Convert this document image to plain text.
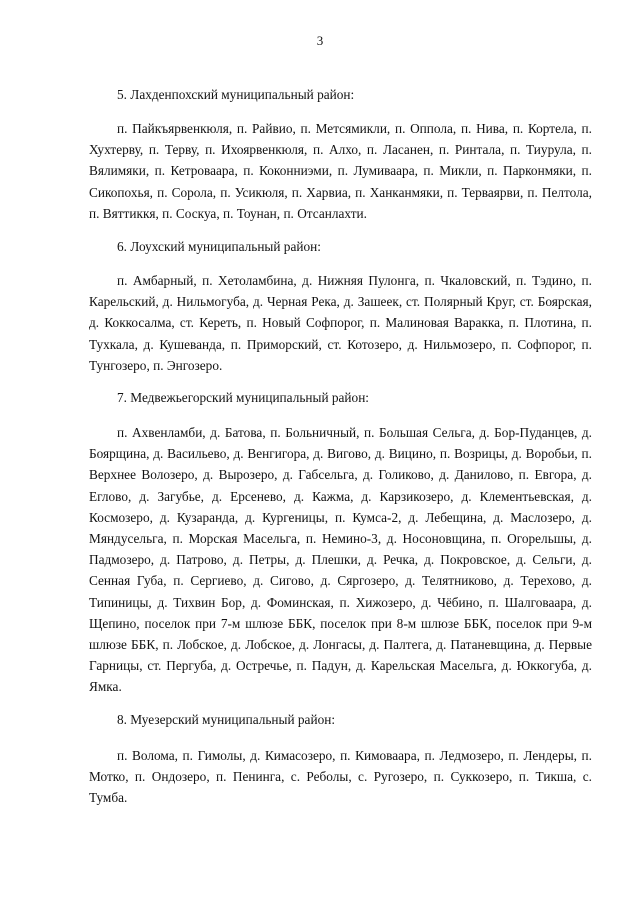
3

5. Лахденпохский муниципальный район:

п. Пайкъярвенкюля, п. Райвио, п. Метсямикли, п. Оппола, п. Нива, п. Кортела, п. Хухтерву, п. Терву, п. Ихоярвенкюля, п. Алхо, п. Ласанен, п. Ринтала, п. Тиурула, п. Вялимяки, п. Кетроваара, п. Коконниэми, п. Лумиваара, п. Микли, п. Парконмяки, п. Сикопохья, п. Сорола, п. Усикюля, п. Харвиа, п. Ханканмяки, п. Терваярви, п. Пелтола, п. Вяттиккя, п. Соскуа, п. Тоунан, п. Отсанлахти.

6. Лоухский муниципальный район:

п. Амбарный, п. Хетоламбина, д. Нижняя Пулонга, п. Чкаловский, п. Тэдино, п. Карельский, д. Нильмогуба, д. Черная Река, д. Зашеек, ст. Полярный Круг, ст. Боярская, д. Коккосалма, ст. Кереть, п. Новый Софпорог, п. Малиновая Варакка, п. Плотина, п. Тухкала, д. Кушеванда, п. Приморский, ст. Котозеро, д. Нильмозеро, п. Софпорог, п. Тунгозеро, п. Энгозеро.

7. Медвежьегорский муниципальный район:

п. Ахвенламби, д. Батова, п. Больничный, п. Большая Сельга, д. Бор-Пуданцев, д. Боярщина, д. Васильево, д. Венгигора, д. Вигово, д. Вицино, п. Возрицы, д. Воробьи, п. Верхнее Волозеро, д. Вырозеро, д. Габсельга, д. Голиково, д. Данилово, п. Евгора, д. Еглово, д. Загубье, д. Ерсенево, д. Кажма, д. Карзикозеро, д. Клементьевская, д. Космозеро, д. Кузаранда, д. Кургеницы, п. Кумса-2, д. Лебещина, д. Маслозеро, д. Мяндусельга, п. Морская Масельга, п. Немино-3, д. Носоновщина, п. Огорельшы, д. Падмозеро, д. Патрово, д. Петры, д. Плешки, д. Речка, д. Покровское, д. Сельги, д. Сенная Губа, п. Сергиево, д. Сигово, д. Сяргозеро, д. Телятниково, д. Терехово, д. Типиницы, д. Тихвин Бор, д. Фоминская, п. Хижозеро, д. Чёбино, п. Шалговаара, д. Щепино, поселок при 7-м шлюзе ББК, поселок при 8-м шлюзе ББК, поселок при 9-м шлюзе ББК, п. Лобское, д. Лобское, д. Лонгасы, д. Палтега, д. Патаневщина, д. Первые Гарницы, ст. Пергуба, д. Остречье, п. Падун, д. Карельская Масельга, д. Юккогуба, д. Ямка.

8. Муезерский муниципальный район:

п. Волома, п. Гимолы, д. Кимасозеро, п. Кимоваара, п. Ледмозеро, п. Лендеры, п. Мотко, п. Ондозеро, п. Пенинга, с. Реболы, с. Ругозеро, п. Суккозеро, п. Тикша, с. Тумба.
